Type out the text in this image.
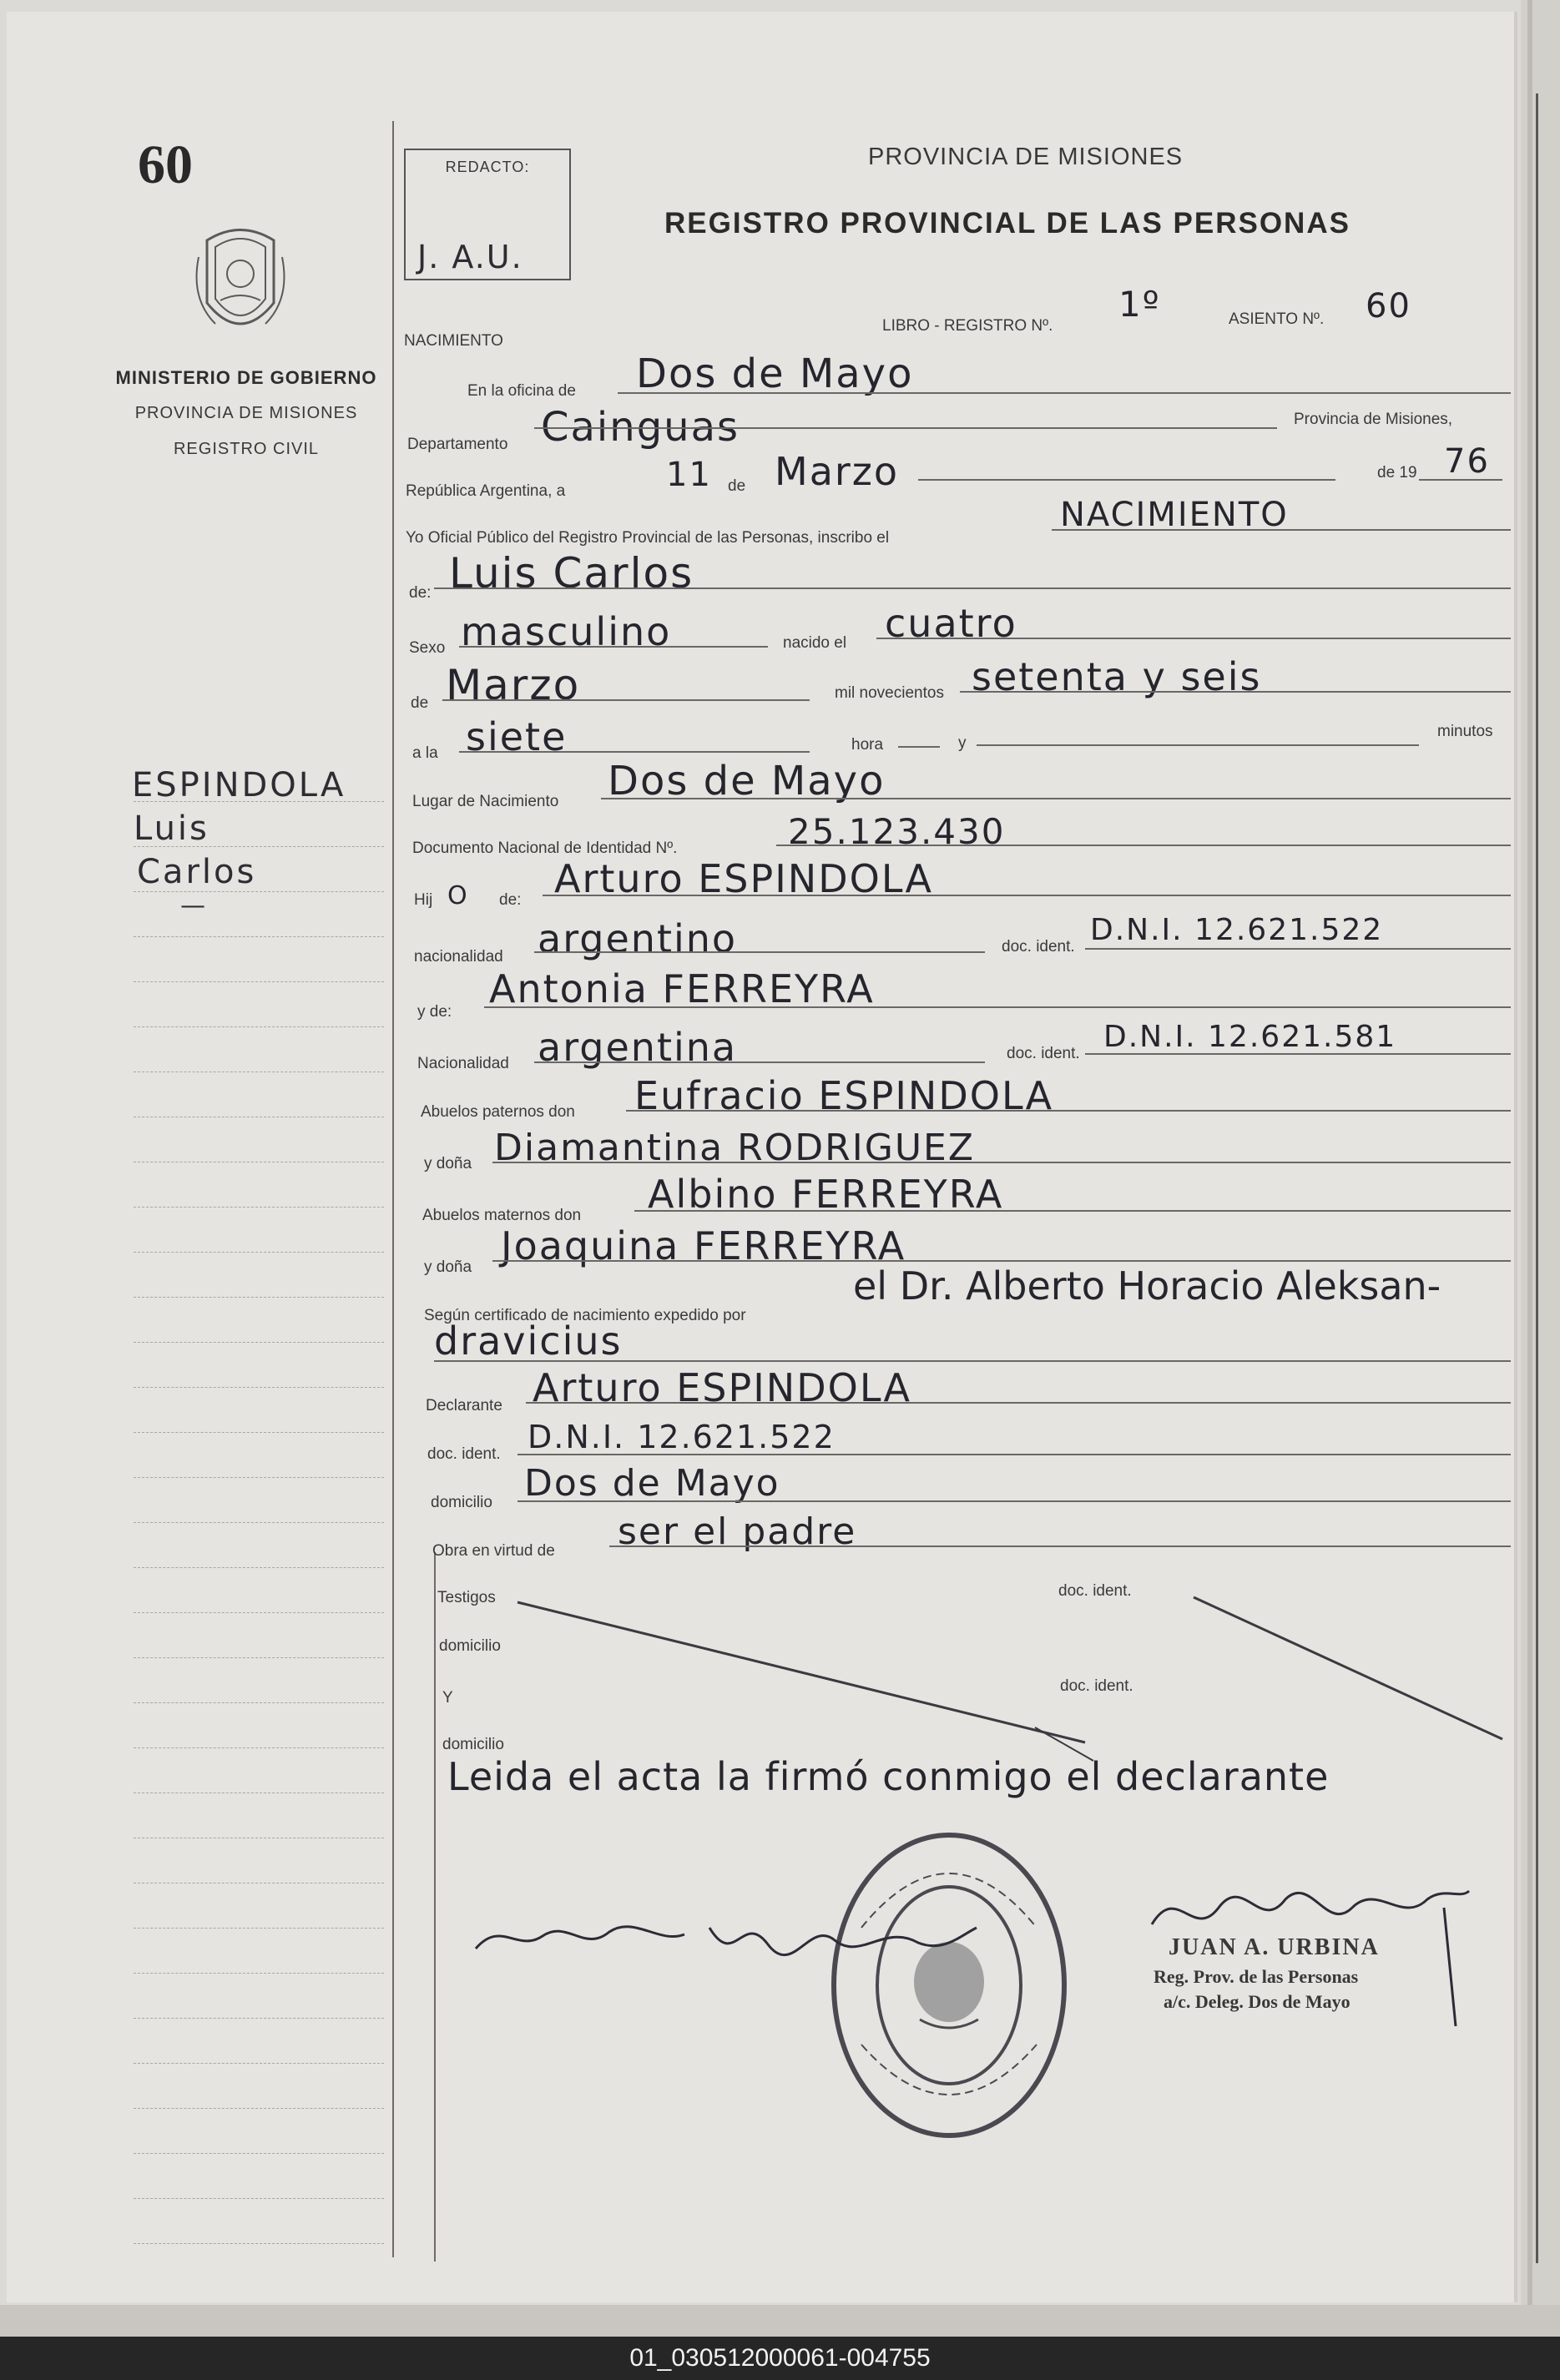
60
MINISTERIO DE GOBIERNO
PROVINCIA DE MISIONES
REGISTRO CIVIL
ESPINDOLA
Luis
Carlos
—
REDACTO:
J. A.U.
PROVINCIA DE MISIONES
REGISTRO PROVINCIAL DE LAS PERSONAS
NACIMIENTO
LIBRO - REGISTRO Nº.
1º	ASIENTO Nº. 60
En la oficina de Dos de Mayo
Departamento Cainguas	Provincia de Misiones,
República Argentina, a	11 de Marzo	de 19 76
Yo Oficial Público del Registro Provincial de las Personas, inscribo el
NACIMIENTO
de: Luis Carlos
Sexo masculino	nacido el cuatro
de Marzo	mil novecientos setenta y seis
a la siete	hora	y
minutos
Lugar de Nacimiento Dos de Mayo
Documento Nacional de Identidad Nº.	25.123.430
Hij O de: Arturo ESPINDOLA
nacionalidad argentino	doc. ident. D.N.I. 12.621.522
y de:
Antonia FERREYRA
Nacionalidad argentina	doc. ident. D.N.I. 12.621.581
Abuelos paternos don Eufracio ESPINDOLA
y doña Diamantina RODRIGUEZ
Abuelos maternos don Albino FERREYRA
y doña Joaquina FERREYRA
Según certificado de nacimiento expedido por
el Dr. Alberto Horacio Aleksan-
dravicius
Declarante Arturo ESPINDOLA
doc. ident. D.N.I. 12.621.522
domicilio Dos de Mayo
Obra en virtud de ser el padre
Testigos	doc. ident.
domicilio
Y
doc. ident.
domicilio
Leida el acta la firmó conmigo el declarante
JUAN A. URBINA
Reg. Prov. de las Personas
a/c. Deleg. Dos de Mayo
01_030512000061-004755
